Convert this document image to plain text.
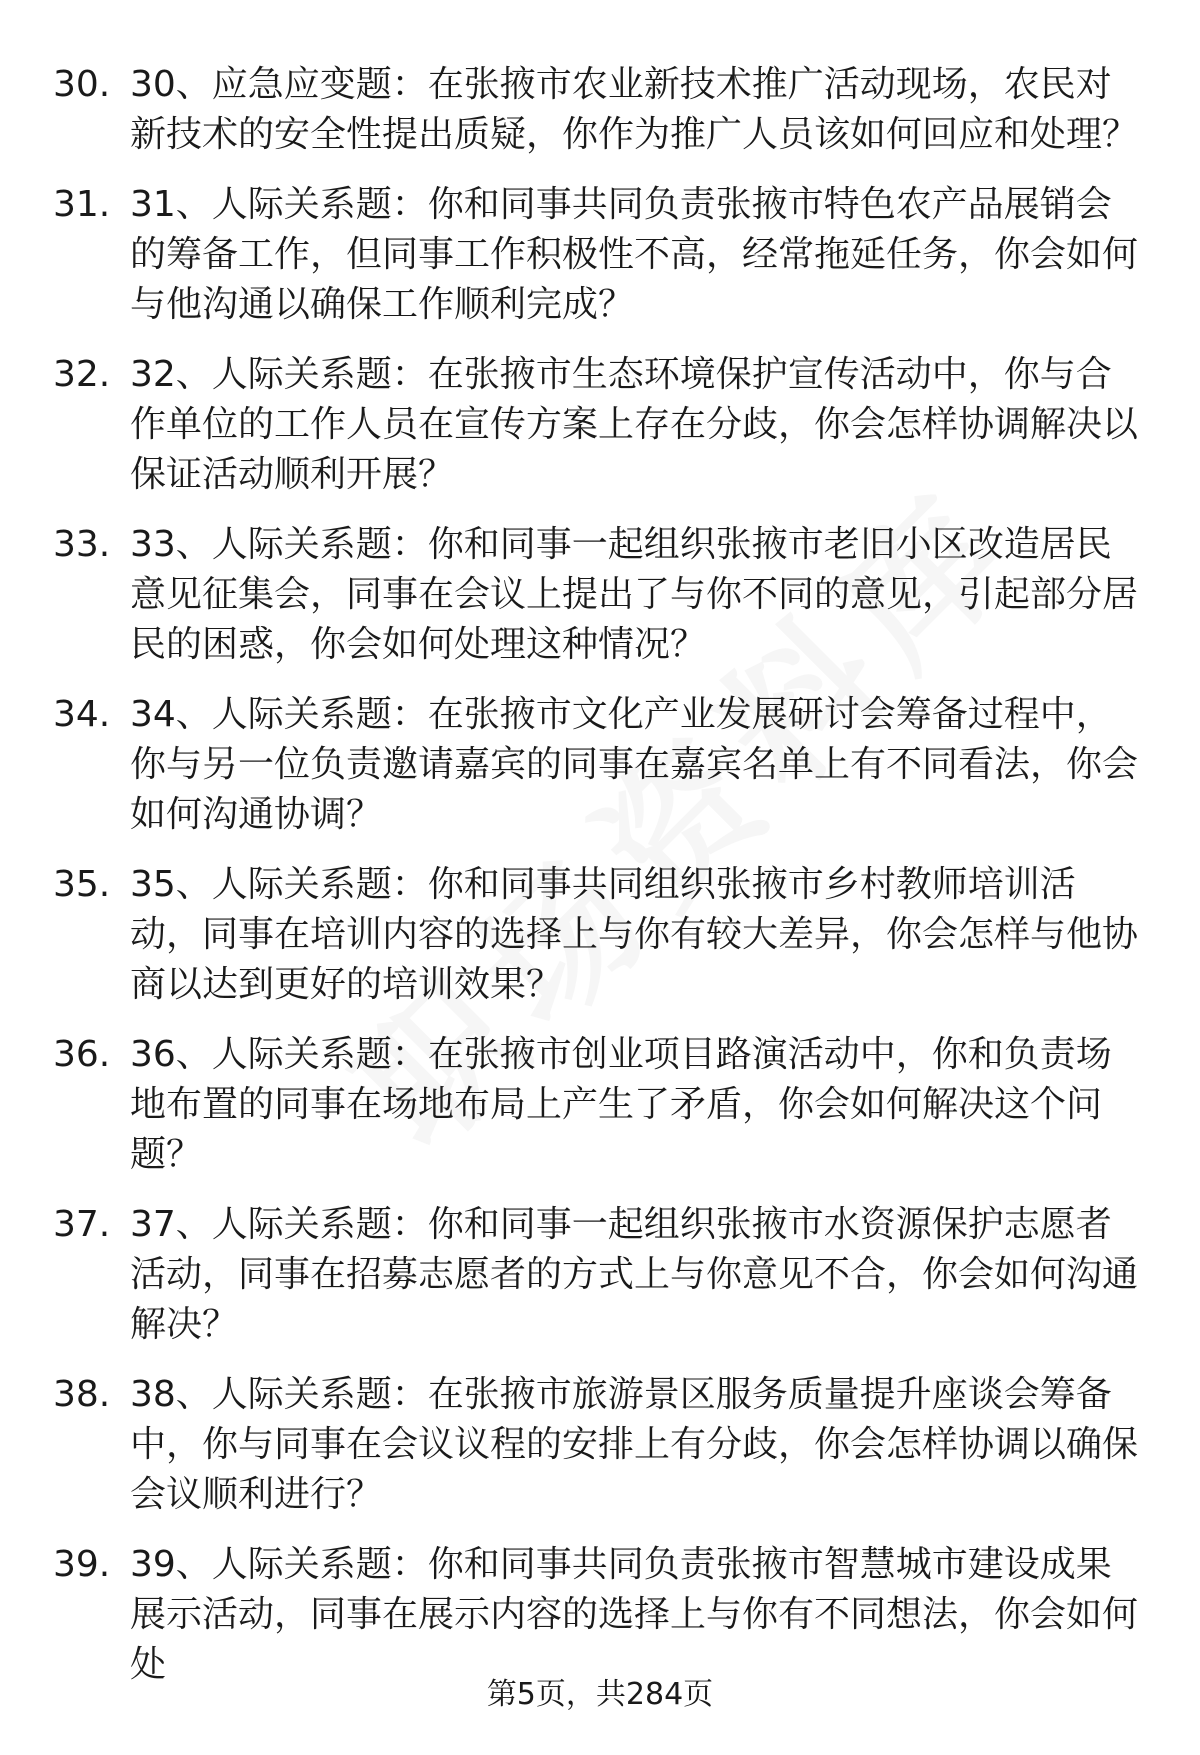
30. 30、应急应变题：在张掖市农业新技术推广活动现场，农民对新技术的安全性提出质疑，你作为推广人员该如何回应和处理？
31. 31、人际关系题：你和同事共同负责张掖市特色农产品展销会的筹备工作，但同事工作积极性不高，经常拖延任务，你会如何与他沟通以确保工作顺利完成？
32. 32、人际关系题：在张掖市生态环境保护宣传活动中，你与合作单位的工作人员在宣传方案上存在分歧，你会怎样协调解决以保证活动顺利开展？
33. 33、人际关系题：你和同事一起组织张掖市老旧小区改造居民意见征集会，同事在会议上提出了与你不同的意见，引起部分居民的困惑，你会如何处理这种情况？
34. 34、人际关系题：在张掖市文化产业发展研讨会筹备过程中，你与另一位负责邀请嘉宾的同事在嘉宾名单上有不同看法，你会如何沟通协调？
35. 35、人际关系题：你和同事共同组织张掖市乡村教师培训活动，同事在培训内容的选择上与你有较大差异，你会怎样与他协商以达到更好的培训效果？
36. 36、人际关系题：在张掖市创业项目路演活动中，你和负责场地布置的同事在场地布局上产生了矛盾，你会如何解决这个问题？
37. 37、人际关系题：你和同事一起组织张掖市水资源保护志愿者活动，同事在招募志愿者的方式上与你意见不合，你会如何沟通解决？
38. 38、人际关系题：在张掖市旅游景区服务质量提升座谈会筹备中，你与同事在会议议程的安排上有分歧，你会怎样协调以确保会议顺利进行？
39. 39、人际关系题：你和同事共同负责张掖市智慧城市建设成果展示活动，同事在展示内容的选择上与你有不同想法，你会如何处
第5页，共284页
